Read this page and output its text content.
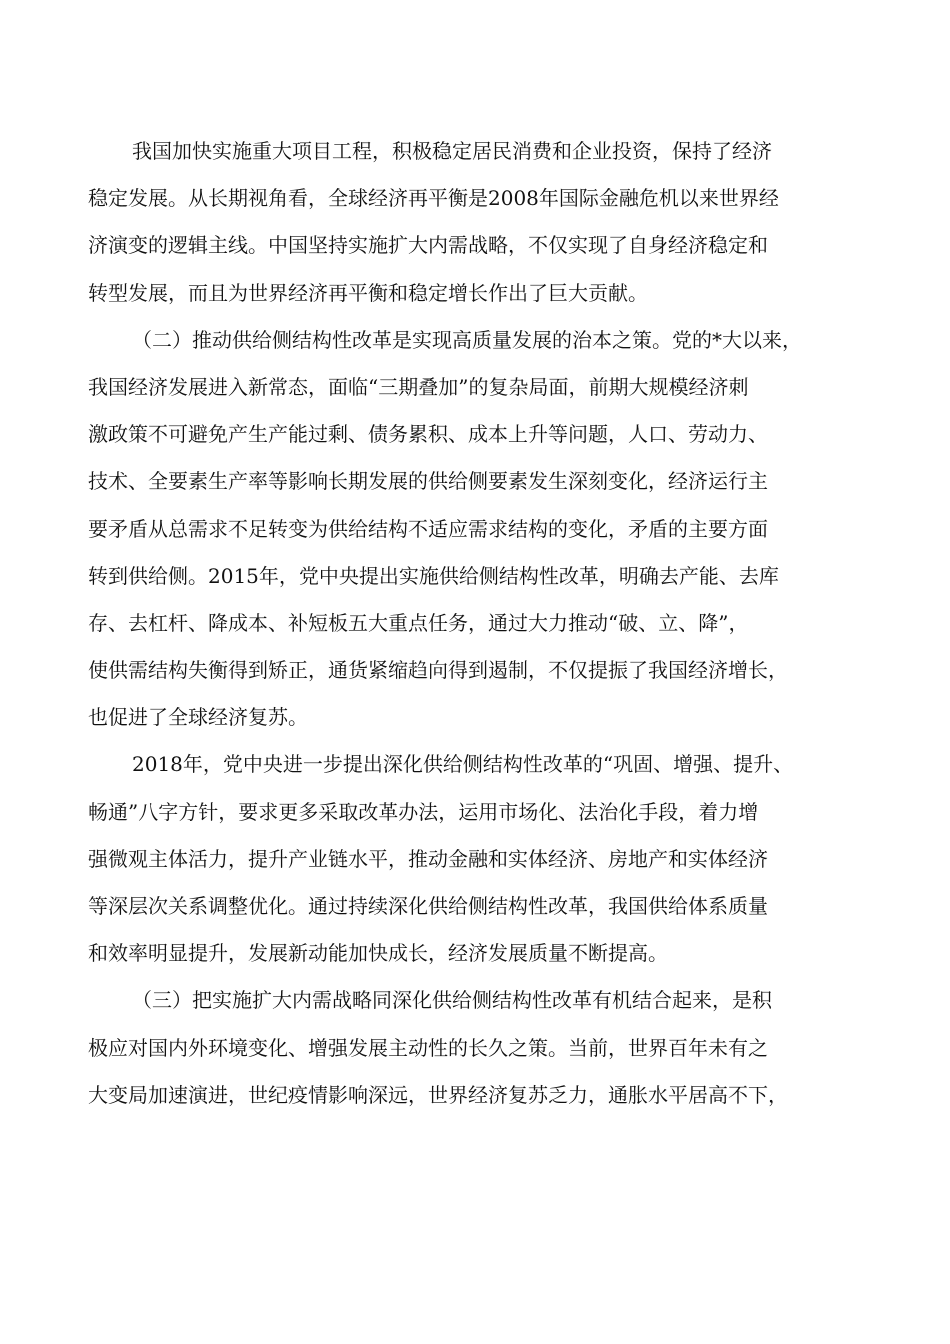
我国加快实施重大项目工程，积极稳定居民消费和企业投资，保持了经济
稳定发展。从长期视角看，全球经济再平衡是2008年国际金融危机以来世界经
济演变的逻辑主线。中国坚持实施扩大内需战略，不仅实现了自身经济稳定和
转型发展，而且为世界经济再平衡和稳定增长作出了巨大贡献。
（二）推动供给侧结构性改革是实现高质量发展的治本之策。党的*大以来，
我国经济发展进入新常态，面临“三期叠加”的复杂局面，前期大规模经济刺
激政策不可避免产生产能过剩、债务累积、成本上升等问题，人口、劳动力、
技术、全要素生产率等影响长期发展的供给侧要素发生深刻变化，经济运行主
要矛盾从总需求不足转变为供给结构不适应需求结构的变化，矛盾的主要方面
转到供给侧。2015年，党中央提出实施供给侧结构性改革，明确去产能、去库
存、去杠杆、降成本、补短板五大重点任务，通过大力推动“破、立、降”，
使供需结构失衡得到矫正，通货紧缩趋向得到遏制，不仅提振了我国经济增长，
也促进了全球经济复苏。
2018年，党中央进一步提出深化供给侧结构性改革的“巩固、增强、提升、
畅通”八字方针，要求更多采取改革办法，运用市场化、法治化手段，着力增
强微观主体活力，提升产业链水平，推动金融和实体经济、房地产和实体经济
等深层次关系调整优化。通过持续深化供给侧结构性改革，我国供给体系质量
和效率明显提升，发展新动能加快成长，经济发展质量不断提高。
（三）把实施扩大内需战略同深化供给侧结构性改革有机结合起来，是积
极应对国内外环境变化、增强发展主动性的长久之策。当前，世界百年未有之
大变局加速演进，世纪疫情影响深远，世界经济复苏乏力，通胀水平居高不下，
